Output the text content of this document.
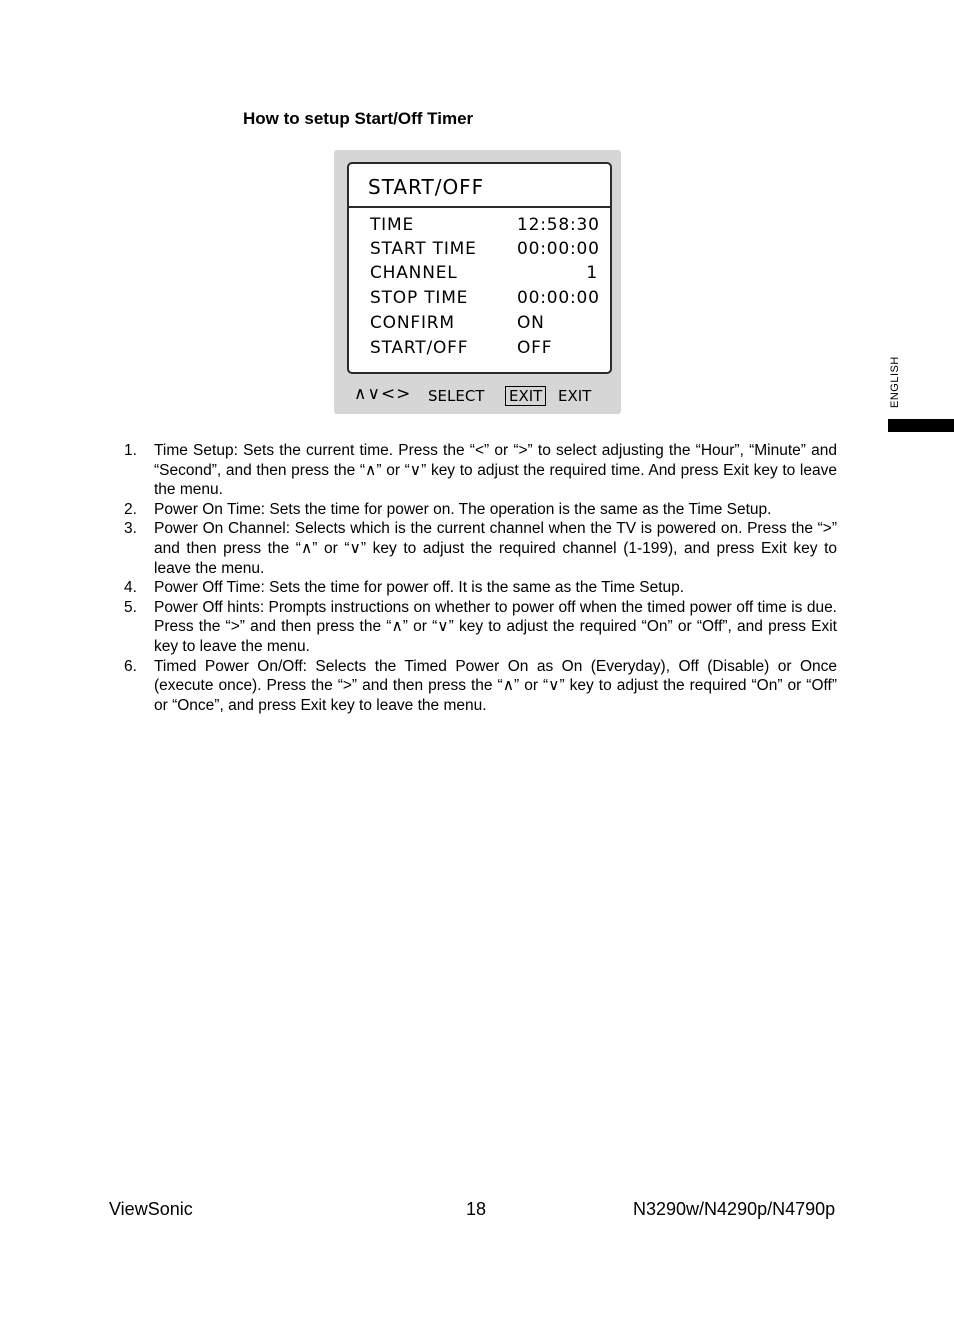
How to setup Start/Off Timer
START/OFF
TIME	12:58:30
START TIME 00:00:00
CHANNEL	1
STOP TIME	00:00:00
CONFIRM	ON
START/OFF	OFF
∧∨<> SELECT EXIT EXIT
1. Time Setup: Sets the current time. Press the “<” or “>” to select adjusting the “Hour”, “Minute” and “Second”, and then press the “∧” or “∨” key to adjust the required time. And press Exit key to leave the menu.
2. Power On Time: Sets the time for power on. The operation is the same as the Time Setup.
3. Power On Channel: Selects which is the current channel when the TV is powered on. Press the “>” and then press the “∧” or “∨” key to adjust the required channel (1-199), and press Exit key to leave the menu.
4. Power Off Time: Sets the time for power off. It is the same as the Time Setup.
5. Power Off hints: Prompts instructions on whether to power off when the timed power off time is due. Press the “>” and then press the “∧” or “∨” key to adjust the required “On” or “Off”, and press Exit key to leave the menu.
6. Timed Power On/Off: Selects the Timed Power On as On (Everyday), Off (Disable) or Once (execute once). Press the “>” and then press the “∧” or “∨” key to adjust the required “On” or “Off” or “Once”, and press Exit key to leave the menu.
ENGLISH
ViewSonic	18	N3290w/N4290p/N4790p
